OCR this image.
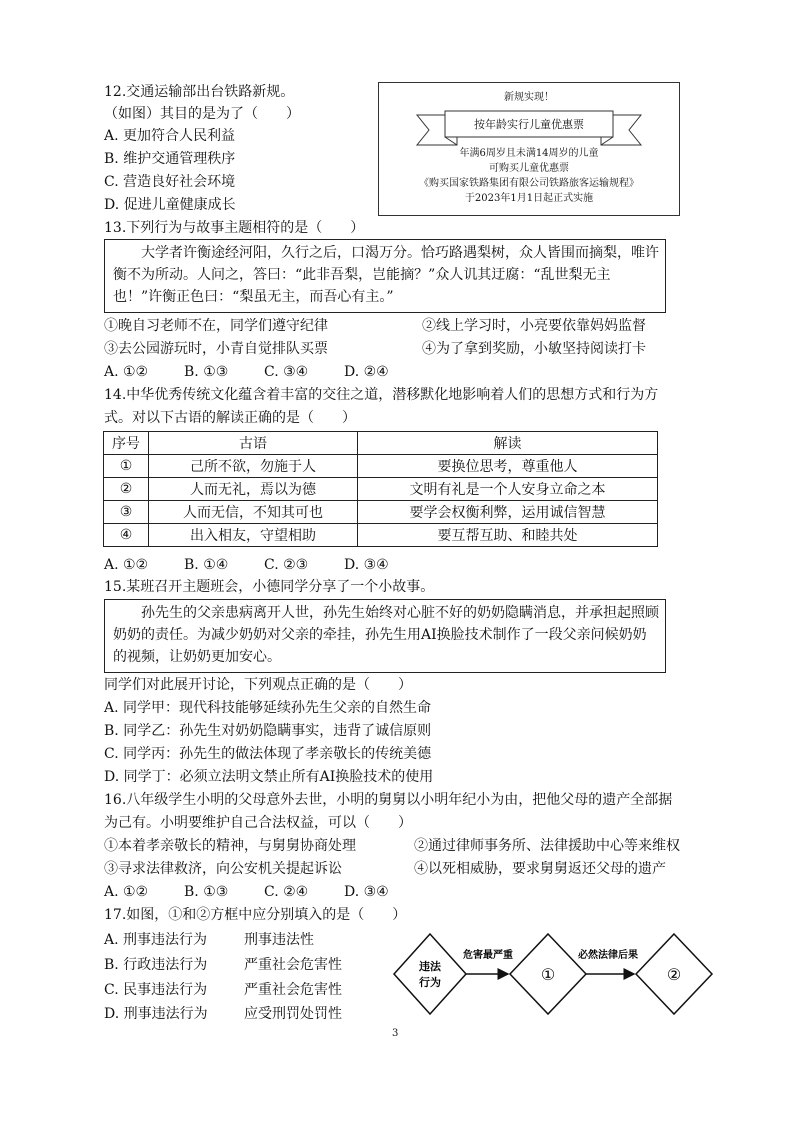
12.交通运输部出台铁路新规。
（如图）其目的是为了（　　）
A. 更加符合人民利益
B. 维护交通管理秩序
C. 营造良好社会环境
D. 促进儿童健康成长
新规实现！
按年龄实行儿童优惠票
年满6周岁且未满14周岁的儿童
可购买儿童优惠票
《购买国家铁路集团有限公司铁路旅客运输规程》
于2023年1月1日起正式实施
13.下列行为与故事主题相符的是（　　）
　　大学者许衡途经河阳，久行之后，口渴万分。恰巧路遇梨树，众人皆围而摘梨，唯许衡不为所动。人问之，答曰：“此非吾梨，岂能摘？”众人讥其迂腐：“乱世梨无主也！”许衡正色曰：“梨虽无主，而吾心有主。”
①晚自习老师不在，同学们遵守纪律	②线上学习时，小亮要依靠妈妈监督
③去公园游玩时，小青自觉排队买票	④为了拿到奖励，小敏坚持阅读打卡
A. ①②	B. ①③	C. ③④	D. ②④
14.中华优秀传统文化蕴含着丰富的交往之道，潜移默化地影响着人们的思想方式和行为方
式。对以下古语的解读正确的是（　　）
序号	古语	解读
①	己所不欲，勿施于人	要换位思考，尊重他人
②	人而无礼，焉以为德	文明有礼是一个人安身立命之本
③	人而无信，不知其可也	要学会权衡利弊，运用诚信智慧
④	出入相友，守望相助	要互帮互助、和睦共处
A. ①②	B. ①④	C. ②③	D. ③④
15.某班召开主题班会，小德同学分享了一个小故事。
　　孙先生的父亲患病离开人世，孙先生始终对心脏不好的奶奶隐瞒消息，并承担起照顾奶奶的责任。为减少奶奶对父亲的牵挂，孙先生用AI换脸技术制作了一段父亲问候奶奶的视频，让奶奶更加安心。
同学们对此展开讨论，下列观点正确的是（　　）
A. 同学甲：现代科技能够延续孙先生父亲的自然生命
B. 同学乙：孙先生对奶奶隐瞒事实，违背了诚信原则
C. 同学丙：孙先生的做法体现了孝亲敬长的传统美德
D. 同学丁：必须立法明文禁止所有AI换脸技术的使用
16.八年级学生小明的父母意外去世，小明的舅舅以小明年纪小为由，把他父母的遗产全部据
为己有。小明要维护自己合法权益，可以（　　）
①本着孝亲敬长的精神，与舅舅协商处理	②通过律师事务所、法律援助中心等来维权
③寻求法律救济，向公安机关提起诉讼	④以死相威胁，要求舅舅返还父母的遗产
A. ①②	B. ①③	C. ②④	D. ③④
17.如图，①和②方框中应分别填入的是（　　）
A. 刑事违法行为	刑事违法性
B. 行政违法行为	严重社会危害性
C. 民事违法行为	严重社会危害性
D. 刑事违法行为	应受刑罚处罚性
违法
行为
危害最严重
①
必然法律后果
②
3
